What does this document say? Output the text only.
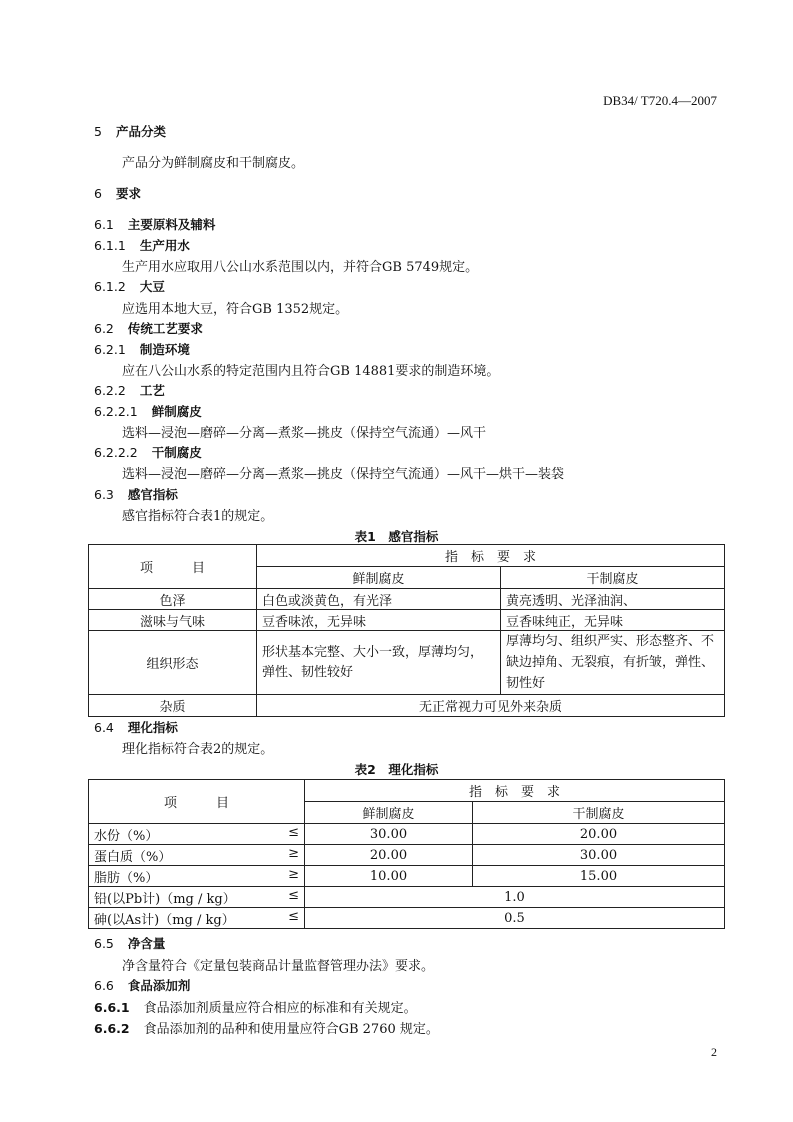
DB34/ T720.4—2007
5 产品分类
产品分为鲜制腐皮和干制腐皮。
6 要求
6.1 主要原料及辅料
6.1.1 生产用水
生产用水应取用八公山水系范围以内，并符合GB 5749规定。
6.1.2 大豆
应选用本地大豆，符合GB 1352规定。
6.2 传统工艺要求
6.2.1 制造环境
应在八公山水系的特定范围内且符合GB 14881要求的制造环境。
6.2.2 工艺
6.2.2.1 鲜制腐皮
选料—浸泡—磨碎—分离—煮浆—挑皮（保持空气流通）—风干
6.2.2.2 干制腐皮
选料—浸泡—磨碎—分离—煮浆—挑皮（保持空气流通）—风干—烘干—装袋
6.3 感官指标
感官指标符合表1的规定。
表1　感官指标
项　　　目	指　标　要　求	
	鲜制腐皮	干制腐皮
色泽	白色或淡黄色，有光泽	黄亮透明、光泽油润、
滋味与气味	豆香味浓，无异味	豆香味纯正，无异味
组织形态	形状基本完整、大小一致，厚薄均匀，弹性、韧性较好	厚薄均匀、组织严实、形态整齐、不缺边掉角、无裂痕，有折皱，弹性、韧性好
杂质	无正常视力可见外来杂质	
6.4 理化指标
理化指标符合表2的规定。
表2　理化指标
项　　　目	指　标　要　求	
	鲜制腐皮	干制腐皮

水份（%） ≤	30.00	20.00

蛋白质（%） ≥	20.00	30.00

脂肪（%） ≥	10.00	15.00

铅(以Pb计)（mg / kg） ≤	1.0	

砷(以As计)（mg / kg） ≤	0.5	
6.5 净含量
净含量符合《定量包装商品计量监督管理办法》要求。
6.6 食品添加剂
6.6.1 食品添加剂质量应符合相应的标准和有关规定。
6.6.2 食品添加剂的品种和使用量应符合GB 2760 规定。
2
